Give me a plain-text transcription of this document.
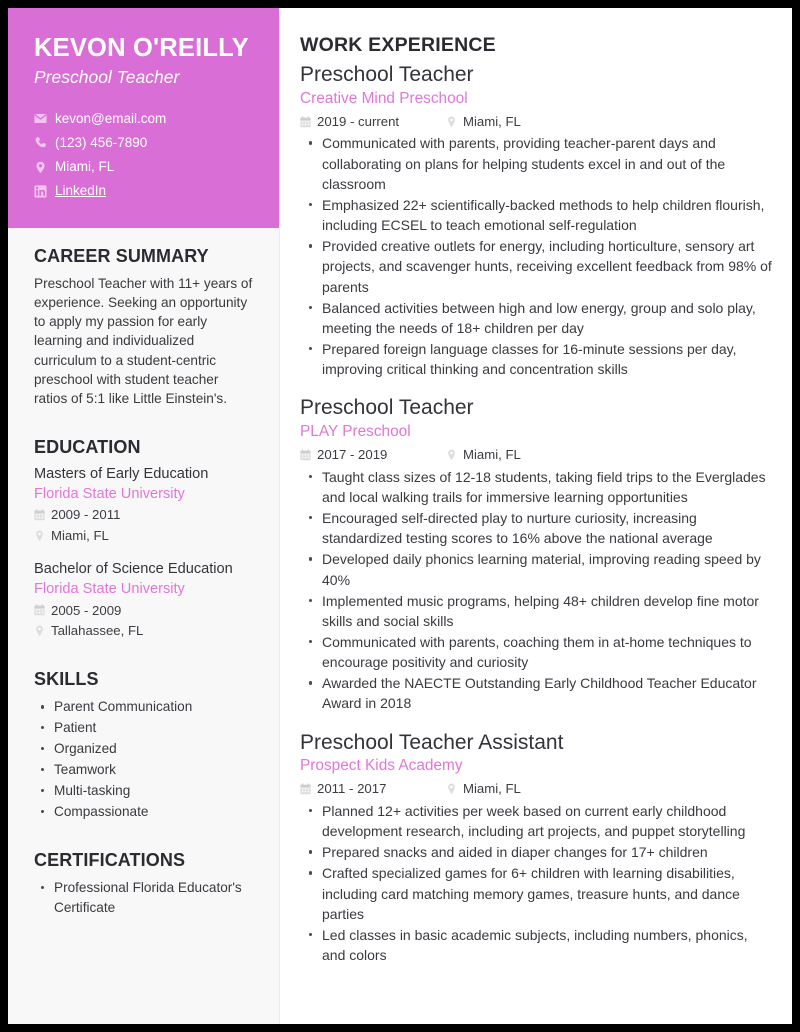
KEVON O'REILLY
Preschool Teacher
kevon@email.com
(123) 456-7890
Miami, FL
LinkedIn
CAREER SUMMARY
Preschool Teacher with 11+ years of experience. Seeking an opportunity to apply my passion for early learning and individualized curriculum to a student-centric preschool with student teacher ratios of 5:1 like Little Einstein's.
EDUCATION
Masters of Early Education
Florida State University
2009 - 2011
Miami, FL
Bachelor of Science Education
Florida State University
2005 - 2009
Tallahassee, FL
SKILLS
Parent Communication
Patient
Organized
Teamwork
Multi-tasking
Compassionate
CERTIFICATIONS
Professional Florida Educator's Certificate
WORK EXPERIENCE
Preschool Teacher
Creative Mind Preschool
2019 - current	Miami, FL
Communicated with parents, providing teacher-parent days and collaborating on plans for helping students excel in and out of the classroom
Emphasized 22+ scientifically-backed methods to help children flourish, including ECSEL to teach emotional self-regulation
Provided creative outlets for energy, including horticulture, sensory art projects, and scavenger hunts, receiving excellent feedback from 98% of parents
Balanced activities between high and low energy, group and solo play, meeting the needs of 18+ children per day
Prepared foreign language classes for 16-minute sessions per day, improving critical thinking and concentration skills
Preschool Teacher
PLAY Preschool
2017 - 2019	Miami, FL
Taught class sizes of 12-18 students, taking field trips to the Everglades and local walking trails for immersive learning opportunities
Encouraged self-directed play to nurture curiosity, increasing standardized testing scores to 16% above the national average
Developed daily phonics learning material, improving reading speed by 40%
Implemented music programs, helping 48+ children develop fine motor skills and social skills
Communicated with parents, coaching them in at-home techniques to encourage positivity and curiosity
Awarded the NAECTE Outstanding Early Childhood Teacher Educator Award in 2018
Preschool Teacher Assistant
Prospect Kids Academy
2011 - 2017	Miami, FL
Planned 12+ activities per week based on current early childhood development research, including art projects, and puppet storytelling
Prepared snacks and aided in diaper changes for 17+ children
Crafted specialized games for 6+ children with learning disabilities, including card matching memory games, treasure hunts, and dance parties
Led classes in basic academic subjects, including numbers, phonics, and colors
